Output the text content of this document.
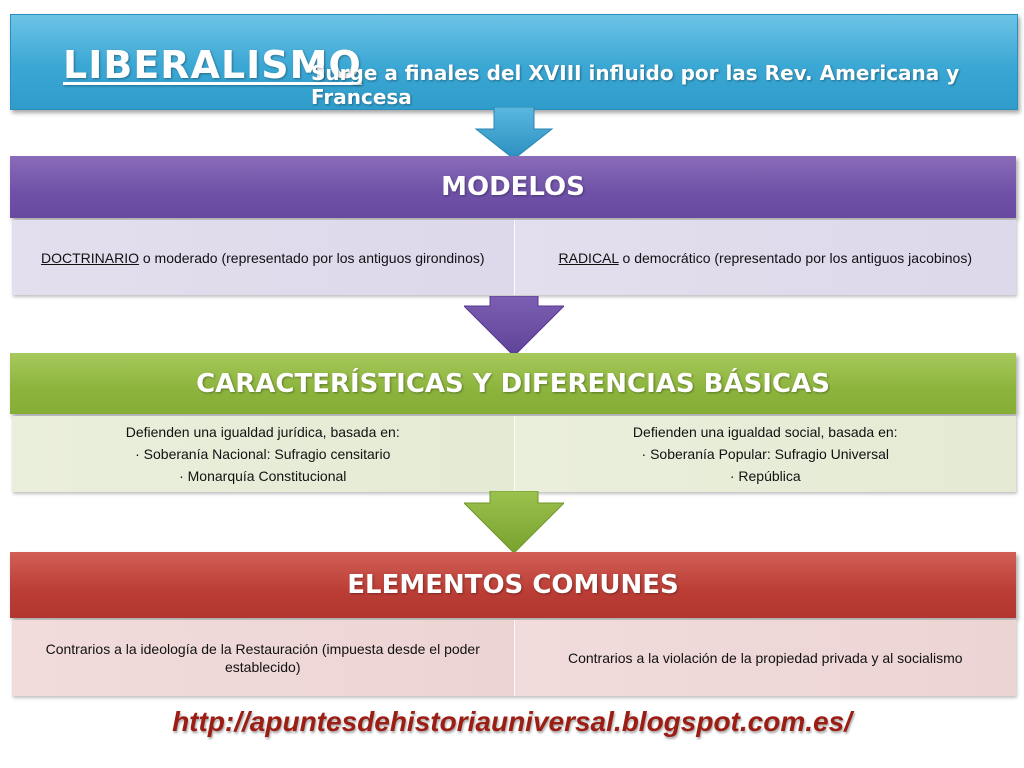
LIBERALISMO
Surge a finales del XVIII influido por las Rev. Americana y Francesa
MODELOS
DOCTRINARIO o moderado (representado por los antiguos girondinos)	RADICAL o democrático (representado por los antiguos jacobinos)
CARACTERÍSTICAS Y DIFERENCIAS BÁSICAS
Defienden una igualdad jurídica, basada en:
· Soberanía Nacional: Sufragio censitario
· Monarquía Constitucional
Defienden una igualdad social, basada en:
· Soberanía Popular: Sufragio Universal
· República
ELEMENTOS COMUNES
Contrarios a la ideología de la Restauración (impuesta desde el poder establecido)
Contrarios a la violación de la propiedad privada y al socialismo
http://apuntesdehistoriauniversal.blogspot.com.es/
